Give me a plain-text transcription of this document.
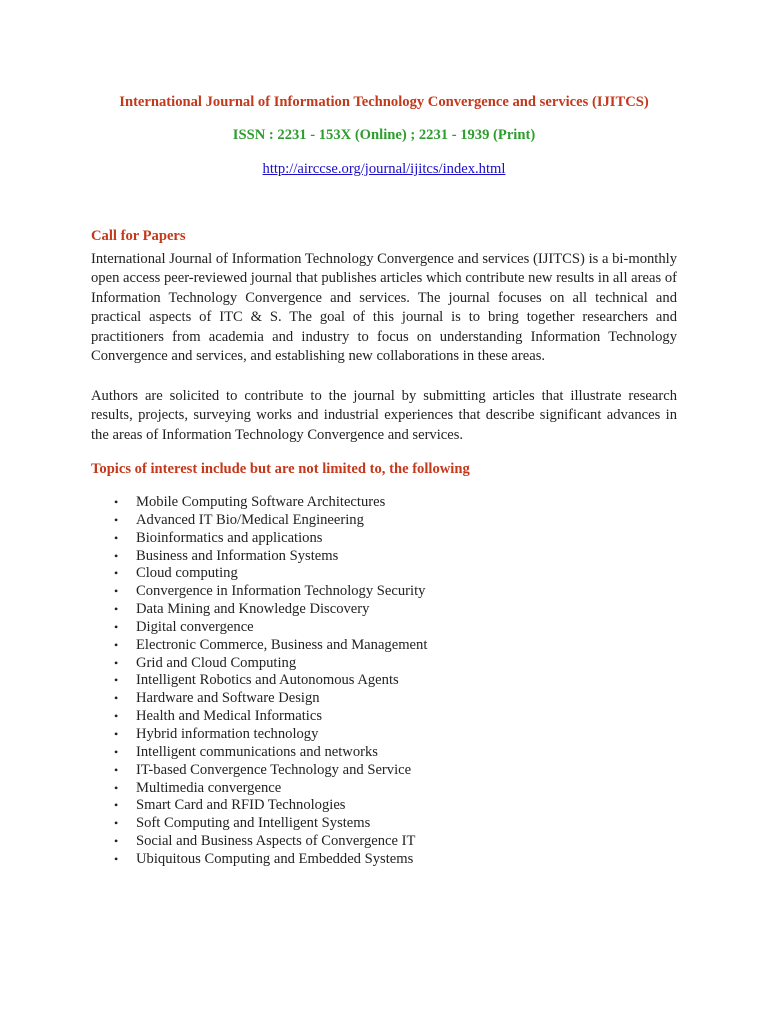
International Journal of Information Technology Convergence and services (IJITCS)
ISSN : 2231 - 153X (Online) ; 2231 - 1939 (Print)
http://airccse.org/journal/ijitcs/index.html
Call for Papers

International Journal of Information Technology Convergence and services (IJITCS) is a bi-monthly open access peer-reviewed journal that publishes articles which contribute new results in all areas of Information Technology Convergence and services. The journal focuses on all technical and practical aspects of ITC & S. The goal of this journal is to bring together researchers and practitioners from academia and industry to focus on understanding Information Technology Convergence and services, and establishing new collaborations in these areas.

Authors are solicited to contribute to the journal by submitting articles that illustrate research results, projects, surveying works and industrial experiences that describe significant advances in the areas of Information Technology Convergence and services.

Topics of interest include but are not limited to, the following
• Mobile Computing Software Architectures
• Advanced IT Bio/Medical Engineering
• Bioinformatics and applications
• Business and Information Systems
• Cloud computing
• Convergence in Information Technology Security
• Data Mining and Knowledge Discovery
• Digital convergence
• Electronic Commerce, Business and Management
• Grid and Cloud Computing
• Intelligent Robotics and Autonomous Agents
• Hardware and Software Design
• Health and Medical Informatics
• Hybrid information technology
• Intelligent communications and networks
• IT-based Convergence Technology and Service
• Multimedia convergence
• Smart Card and RFID Technologies
• Soft Computing and Intelligent Systems
• Social and Business Aspects of Convergence IT
• Ubiquitous Computing and Embedded Systems
